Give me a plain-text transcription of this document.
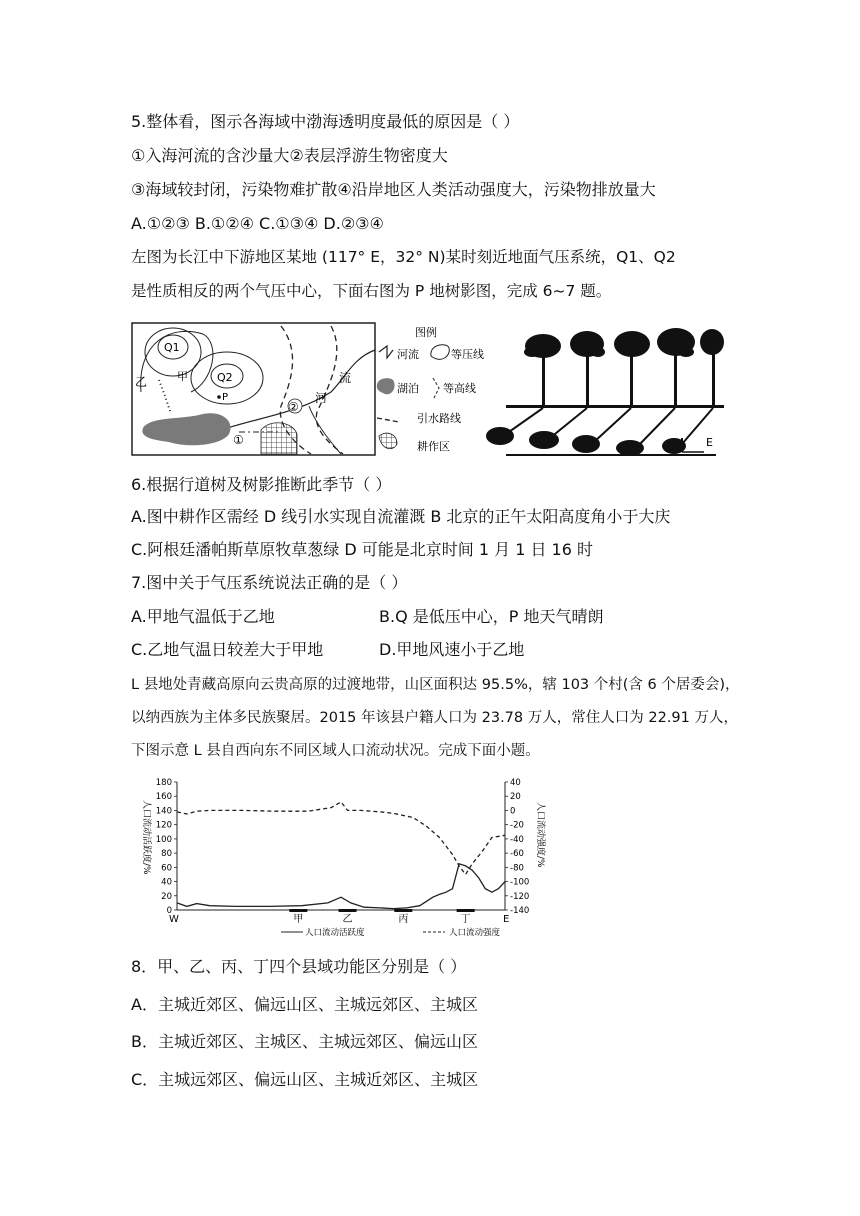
5.整体看，图示各海域中渤海透明度最低的原因是（ ）
①入海河流的含沙量大②表层浮游生物密度大
③海域较封闭，污染物难扩散④沿岸地区人类活动强度大，污染物排放量大
A.①②③ B.①②④ C.①③④ D.②③④
左图为长江中下游地区某地 (117° E，32° N)某时刻近地面气压系统，Q1、Q2
是性质相反的两个气压中心，下面右图为 P 地树影图，完成 6~7 题。
Q1
Q2
乙	甲
P
流
河
①
②
图例
河流	等压线
湖泊 等高线
引水路线
耕作区	E
6.根据行道树及树影推断此季节（ ）
A.图中耕作区需经 D 线引水实现自流灌溉 B 北京的正午太阳高度角小于大庆
C.阿根廷潘帕斯草原牧草葱绿 D 可能是北京时间 1 月 1 日 16 时
7.图中关于气压系统说法正确的是（ ）
A.甲地气温低于乙地	B.Q 是低压中心，P 地天气晴朗
C.乙地气温日较差大于甲地	D.甲地风速小于乙地
L 县地处青藏高原向云贵高原的过渡地带，山区面积达 95.5%，辖 103 个村(含 6 个居委会)，
以纳西族为主体多民族聚居。2015 年该县户籍人口为 23.78 万人，常住人口为 22.91 万人，
下图示意 L 县自西向东不同区域人口流动状况。完成下面小题。
180
160
140
120
100
80
60
40
20
0
40
20
0
-20
-40
-60
-80
-100
-120
-140
人口流动活跃度/%	人口流动强度/%
W	E
甲	乙	丙	丁
人口流动活跃度	人口流动强度
8．甲、乙、丙、丁四个县域功能区分别是（ ）
A．主城近郊区、偏远山区、主城远郊区、主城区
B．主城近郊区、主城区、主城远郊区、偏远山区
C．主城远郊区、偏远山区、主城近郊区、主城区
